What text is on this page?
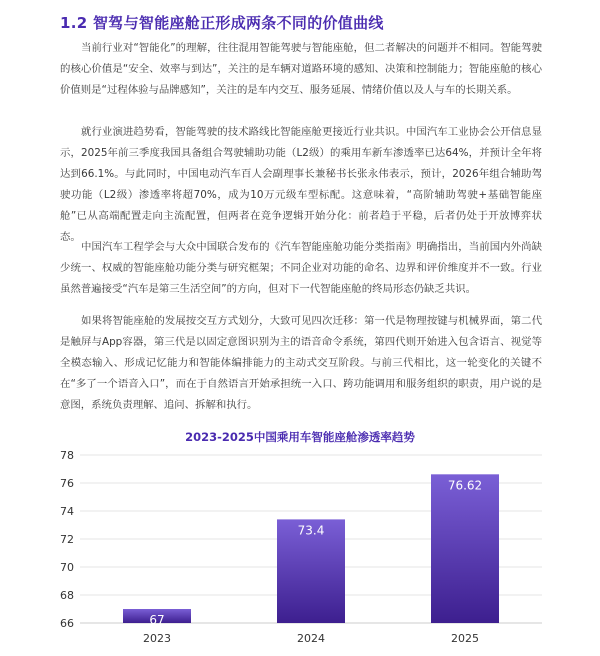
1.2 智驾与智能座舱正形成两条不同的价值曲线

当前行业对“智能化”的理解，往往混用智能驾驶与智能座舱，但二者解决的问题并不相同。智能驾驶的核心价值是“安全、效率与到达”，关注的是车辆对道路环境的感知、决策和控制能力；智能座舱的核心价值则是“过程体验与品牌感知”，关注的是车内交互、服务延展、情绪价值以及人与车的长期关系。

就行业演进趋势看，智能驾驶的技术路线比智能座舱更接近行业共识。中国汽车工业协会公开信息显示，2025年前三季度我国具备组合驾驶辅助功能（L2级）的乘用车新车渗透率已达64%，并预计全年将达到66.1%。与此同时，中国电动汽车百人会副理事长兼秘书长张永伟表示，预计，2026年组合辅助驾驶功能（L2级）渗透率将超70%，成为10万元级车型标配。这意味着，“高阶辅助驾驶+基础智能座舱”已从高端配置走向主流配置，但两者在竞争逻辑开始分化：前者趋于平稳，后者仍处于开放博弈状态。

中国汽车工程学会与大众中国联合发布的《汽车智能座舱功能分类指南》明确指出，当前国内外尚缺少统一、权威的智能座舱功能分类与研究框架；不同企业对功能的命名、边界和评价维度并不一致。行业虽然普遍接受“汽车是第三生活空间”的方向，但对下一代智能座舱的终局形态仍缺乏共识。

如果将智能座舱的发展按交互方式划分，大致可见四次迁移：第一代是物理按键与机械界面，第二代是触屏与App容器，第三代是以固定意图识别为主的语音命令系统，第四代则开始进入包含语言、视觉等全模态输入、形成记忆能力和智能体编排能力的主动式交互阶段。与前三代相比，这一轮变化的关键不在“多了一个语音入口”，而在于自然语言开始承担统一入口、跨功能调用和服务组织的职责，用户说的是意图，系统负责理解、追问、拆解和执行。

2023-2025中国乘用车智能座舱渗透率趋势
66
68
70
72
74
76
78
67
2023
73.4
2024
76.62
2025
